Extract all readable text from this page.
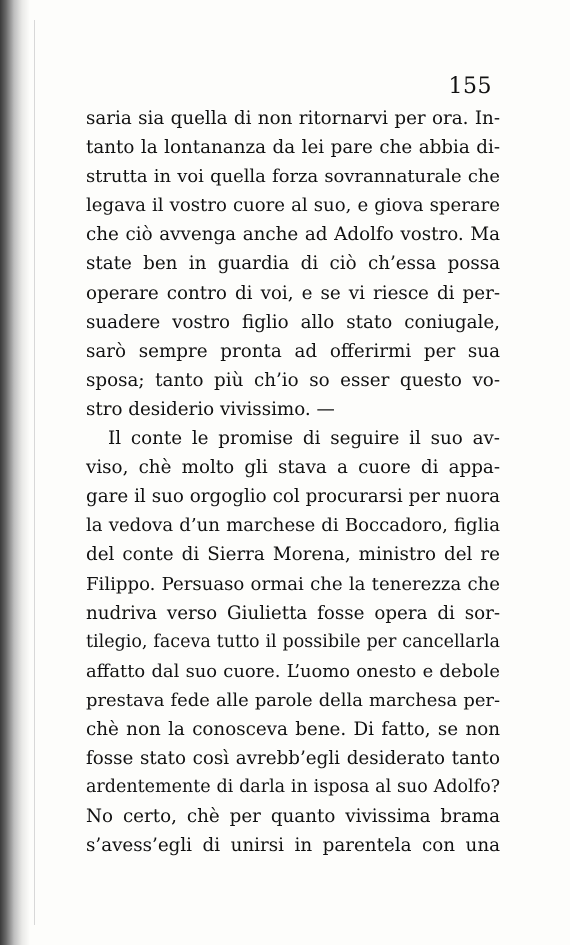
155
saria sia quella di non ritornarvi per ora. In-
tanto la lontananza da lei pare che abbia di-
strutta in voi quella forza sovrannaturale che
legava il vostro cuore al suo, e giova sperare
che ciò avvenga anche ad Adolfo vostro. Ma
state ben in guardia di ciò ch’essa possa
operare contro di voi, e se vi riesce di per-
suadere vostro figlio allo stato coniugale,
sarò sempre pronta ad offerirmi per sua
sposa; tanto più ch’io so esser questo vo-
stro desiderio vivissimo. —
Il conte le promise di seguire il suo av-
viso, chè molto gli stava a cuore di appa-
gare il suo orgoglio col procurarsi per nuora
la vedova d’un marchese di Boccadoro, figlia
del conte di Sierra Morena, ministro del re
Filippo. Persuaso ormai che la tenerezza che
nudriva verso Giulietta fosse opera di sor-
tilegio, faceva tutto il possibile per cancellarla
affatto dal suo cuore. L’uomo onesto e debole
prestava fede alle parole della marchesa per-
chè non la conosceva bene. Di fatto, se non
fosse stato così avrebb’egli desiderato tanto
ardentemente di darla in isposa al suo Adolfo?
No certo, chè per quanto vivissima brama
s’avess’egli di unirsi in parentela con una
